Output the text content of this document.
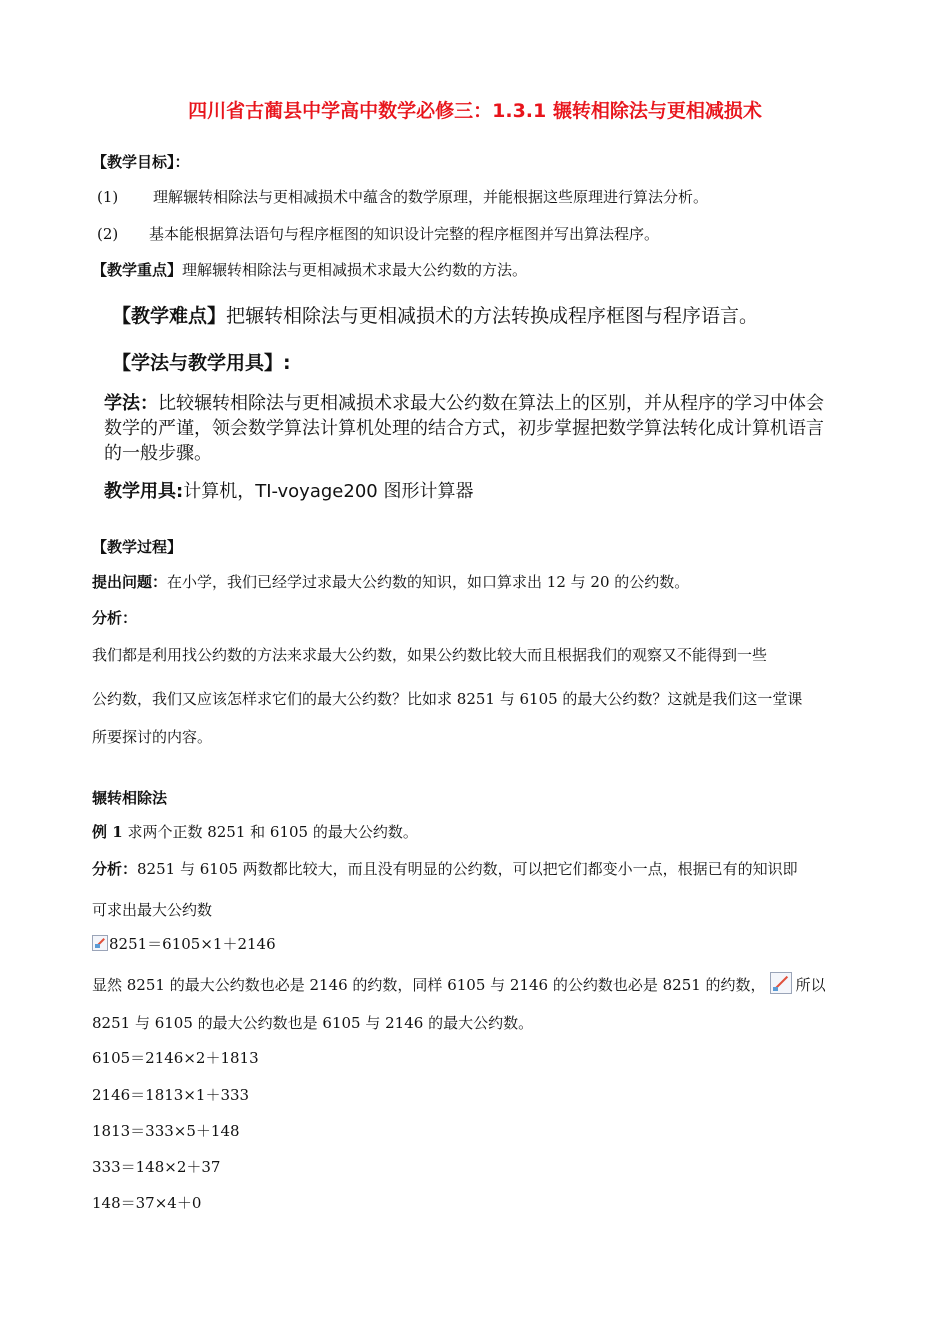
四川省古蔺县中学高中数学必修三：1.3.1 辗转相除法与更相减损术
【教学目标】：
(1) 理解辗转相除法与更相减损术中蕴含的数学原理，并能根据这些原理进行算法分析。
(2) 基本能根据算法语句与程序框图的知识设计完整的程序框图并写出算法程序。
【教学重点】理解辗转相除法与更相减损术求最大公约数的方法。
【教学难点】把辗转相除法与更相减损术的方法转换成程序框图与程序语言。
【学法与教学用具】:
学法：比较辗转相除法与更相减损术求最大公约数在算法上的区别，并从程序的学习中体会
数学的严谨，领会数学算法计算机处理的结合方式，初步掌握把数学算法转化成计算机语言
的一般步骤。
教学用具:计算机，TI-voyage200 图形计算器
【教学过程】
提出问题：在小学，我们已经学过求最大公约数的知识，如口算求出 12 与 20 的公约数。
分析：
我们都是利用找公约数的方法来求最大公约数，如果公约数比较大而且根据我们的观察又不能得到一些
公约数，我们又应该怎样求它们的最大公约数？比如求 8251 与 6105 的最大公约数？这就是我们这一堂课
所要探讨的内容。
辗转相除法
例 1 求两个正数 8251 和 6105 的最大公约数。
分析：8251 与 6105 两数都比较大，而且没有明显的公约数，可以把它们都变小一点，根据已有的知识即
可求出最大公约数
8251＝6105×1＋2146
显然 8251 的最大公约数也必是 2146 的约数，同样 6105 与 2146 的公约数也必是 8251 的约数， 所以
8251 与 6105 的最大公约数也是 6105 与 2146 的最大公约数。
6105＝2146×2＋1813
2146＝1813×1＋333
1813＝333×5＋148
333＝148×2＋37
148＝37×4＋0
